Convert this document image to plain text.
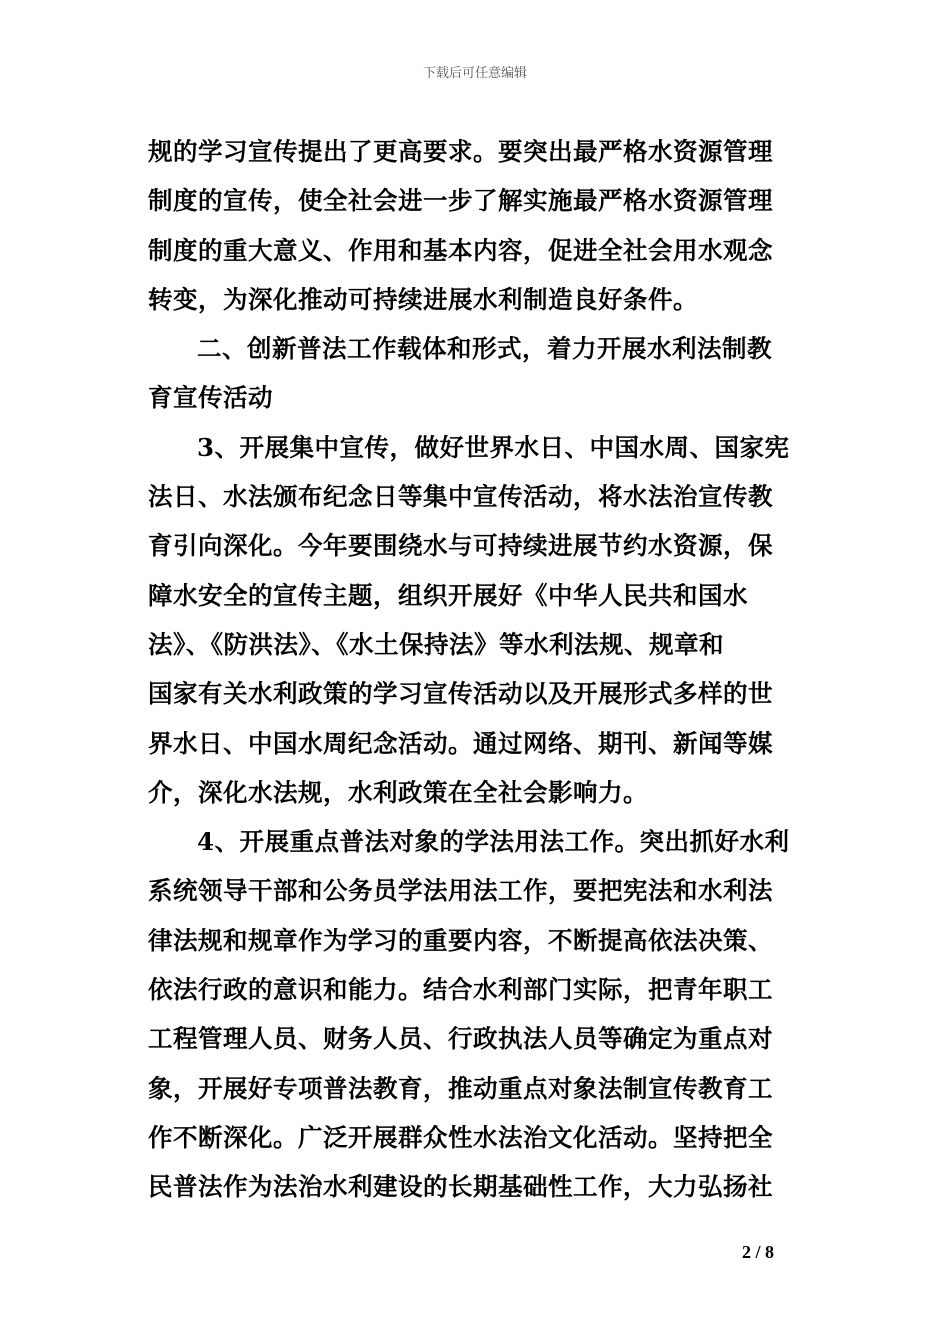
下载后可任意编辑
规的学习宣传提出了更高要求。要突出最严格水资源管理
制度的宣传，使全社会进一步了解实施最严格水资源管理
制度的重大意义、作用和基本内容，促进全社会用水观念
转变，为深化推动可持续进展水利制造良好条件。
二、创新普法工作载体和形式，着力开展水利法制教
育宣传活动
3、开展集中宣传，做好世界水日、中国水周、国家宪
法日、水法颁布纪念日等集中宣传活动，将水法治宣传教
育引向深化。今年要围绕水与可持续进展节约水资源，保
障水安全的宣传主题，组织开展好《中华人民共和国水
法》、《防洪法》、《水土保持法》等水利法规、规章和
国家有关水利政策的学习宣传活动以及开展形式多样的世
界水日、中国水周纪念活动。通过网络、期刊、新闻等媒
介，深化水法规，水利政策在全社会影响力。
4、开展重点普法对象的学法用法工作。突出抓好水利
系统领导干部和公务员学法用法工作，要把宪法和水利法
律法规和规章作为学习的重要内容，不断提高依法决策、
依法行政的意识和能力。结合水利部门实际，把青年职工
工程管理人员、财务人员、行政执法人员等确定为重点对
象，开展好专项普法教育，推动重点对象法制宣传教育工
作不断深化。广泛开展群众性水法治文化活动。坚持把全
民普法作为法治水利建设的长期基础性工作，大力弘扬社
2 / 8
